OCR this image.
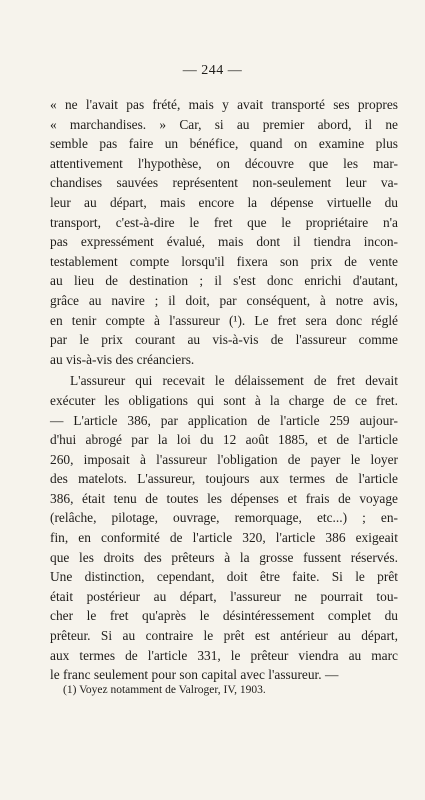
— 244 —
« ne l'avait pas frété, mais y avait transporté ses propres
« marchandises. » Car, si au premier abord, il ne
semble pas faire un bénéfice, quand on examine plus
attentivement l'hypothèse, on découvre que les mar-
chandises sauvées représentent non-seulement leur va-
leur au départ, mais encore la dépense virtuelle du
transport, c'est-à-dire le fret que le propriétaire n'a
pas expressément évalué, mais dont il tiendra incon-
testablement compte lorsqu'il fixera son prix de vente
au lieu de destination ; il s'est donc enrichi d'autant,
grâce au navire ; il doit, par conséquent, à notre avis,
en tenir compte à l'assureur (¹). Le fret sera donc réglé
par le prix courant au vis-à-vis de l'assureur comme
au vis-à-vis des créanciers.
L'assureur qui recevait le délaissement de fret devait
exécuter les obligations qui sont à la charge de ce fret.
— L'article 386, par application de l'article 259 aujour-
d'hui abrogé par la loi du 12 août 1885, et de l'article
260, imposait à l'assureur l'obligation de payer le loyer
des matelots. L'assureur, toujours aux termes de l'article
386, était tenu de toutes les dépenses et frais de voyage
(relâche, pilotage, ouvrage, remorquage, etc...) ; en-
fin, en conformité de l'article 320, l'article 386 exigeait
que les droits des prêteurs à la grosse fussent réservés.
Une distinction, cependant, doit être faite. Si le prêt
était postérieur au départ, l'assureur ne pourrait tou-
cher le fret qu'après le désintéressement complet du
prêteur. Si au contraire le prêt est antérieur au départ,
aux termes de l'article 331, le prêteur viendra au marc
le franc seulement pour son capital avec l'assureur. —
(1) Voyez notamment de Valroger, IV, 1903.
